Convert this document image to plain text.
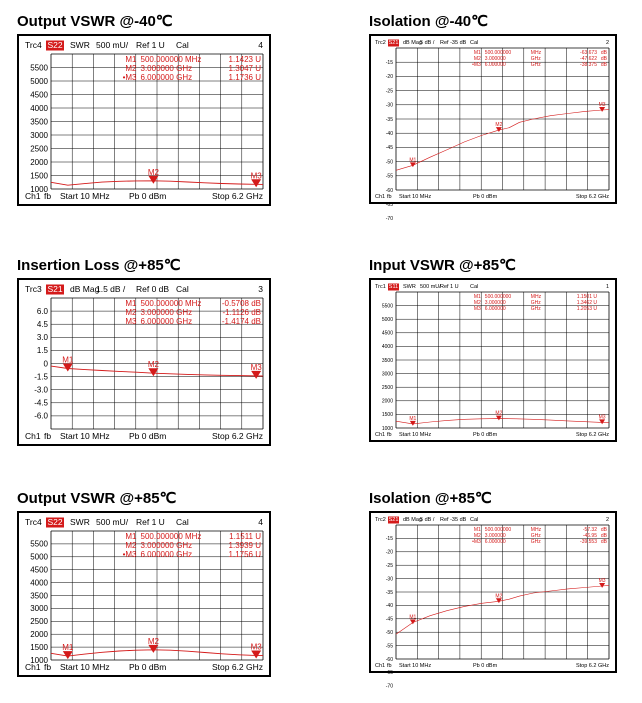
Output VSWR @-40℃
Trc4 S22 SWR 500 mU/ Ref 1 U Cal	4
5500
5000
4500
4000
3500
3000
2500
2000
1500
1000
M2	M3
M1 500.000000 MHz	1.1423 U
M2 3.000000 GHz	1.3047 U
•M3 6.000000 GHz	1.1736 U
Ch1 fb Start 10 MHz Pb 0 dBm	Stop 6.2 GHz
Isolation @-40℃
Trc2 S21 dB Mag
5 dB / Ref -35 dB Cal	2
-15
-20
-25
-30
-35
-40
-45
-50
-55
-60
-65
-70
M1
M2
M3
M1 500.000000	MHz	-63.673 dB
M2 3.000000	GHz	-47.622 dB
•M3 6.000000	GHz	-38.375 dB
Ch1 fb Start 10 MHz	Pb 0 dBm	Stop 6.2 GHz
Insertion Loss @+85℃
Trc3 S21 dB Mag
1.5 dB / Ref 0 dB Cal	3
6.0
4.5
3.0
1.5
0
-1.5
-3.0
-4.5
-6.0
M1
M2	M3
M1 500.000000 MHz	-0.5708 dB
M2 3.000000 GHz	-1.1126 dB
M3 6.000000 GHz	-1.4174 dB
Ch1 fb Start 10 MHz Pb 0 dBm	Stop 6.2 GHz
Input VSWR @+85℃
Trc1 S11 SWR 500 mU/ Ref 1 U Cal	1
5500
5000
4500
4000
3500
3000
2500
2000
1500
1000
M1
M2
M3
M1 500.000000	MHz	1.1501 U
M2 3.000000	GHz	1.3462 U
M3 6.000000	GHz	1.2053 U
Ch1 fb Start 10 MHz	Pb 0 dBm	Stop 6.2 GHz
Output VSWR @+85℃
Trc4 S22 SWR 500 mU/ Ref 1 U Cal	4
5500
5000
4500
4000
3500
3000
2500
2000
1500
1000
M1
M2
M3
M1 500.000000 MHz	1.1511 U
M2 3.000000 GHz	1.3939 U
•M3 6.000000 GHz	1.1756 U
Ch1 fb Start 10 MHz Pb 0 dBm	Stop 6.2 GHz
Isolation @+85℃
Trc2 S21 dB Mag
5 dB / Ref -35 dB Cal	2
-15
-20
-25
-30
-35
-40
-45
-50
-55
-60
-65
-70
M1
M2
M3
M1 500.000000	MHz	-57.32 dB
M2 3.000000	GHz	-46.95 dB
•M3 6.000000	GHz	-39.553 dB
Ch1 fb Start 10 MHz	Pb 0 dBm	Stop 6.2 GHz
